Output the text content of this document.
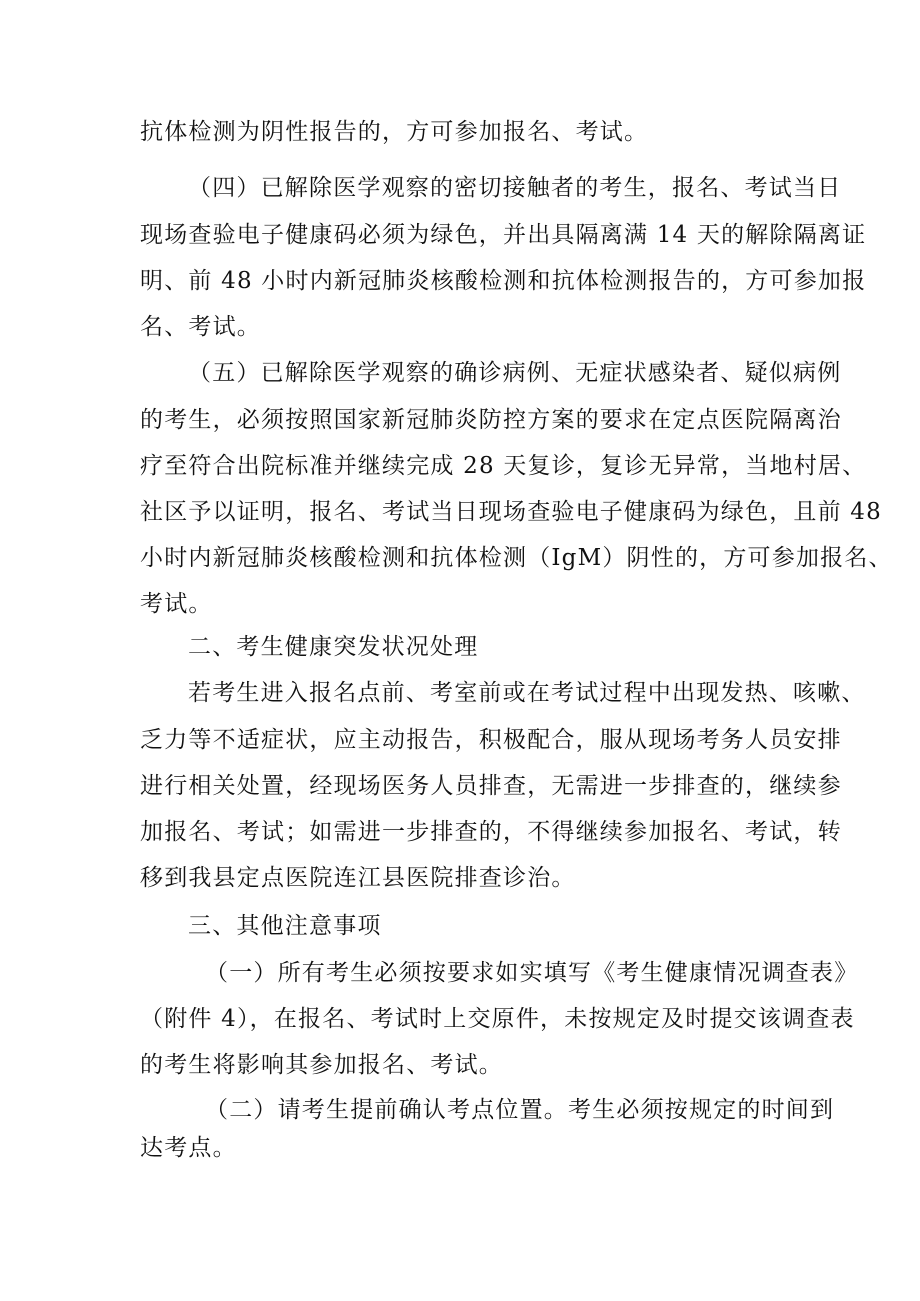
抗体检测为阴性报告的，方可参加报名、考试。
（四）已解除医学观察的密切接触者的考生，报名、考试当日
现场查验电子健康码必须为绿色，并出具隔离满 14 天的解除隔离证
明、前 48 小时内新冠肺炎核酸检测和抗体检测报告的，方可参加报
名、考试。
（五）已解除医学观察的确诊病例、无症状感染者、疑似病例
的考生，必须按照国家新冠肺炎防控方案的要求在定点医院隔离治
疗至符合出院标准并继续完成 28 天复诊，复诊无异常，当地村居、
社区予以证明，报名、考试当日现场查验电子健康码为绿色，且前 48
小时内新冠肺炎核酸检测和抗体检测（IgM）阴性的，方可参加报名、
考试。
二、考生健康突发状况处理
若考生进入报名点前、考室前或在考试过程中出现发热、咳嗽、
乏力等不适症状，应主动报告，积极配合，服从现场考务人员安排
进行相关处置，经现场医务人员排查，无需进一步排查的，继续参
加报名、考试；如需进一步排查的，不得继续参加报名、考试，转
移到我县定点医院连江县医院排查诊治。
三、其他注意事项
（一）所有考生必须按要求如实填写《考生健康情况调查表》
（附件 4），在报名、考试时上交原件，未按规定及时提交该调查表
的考生将影响其参加报名、考试。
（二）请考生提前确认考点位置。考生必须按规定的时间到
达考点。
